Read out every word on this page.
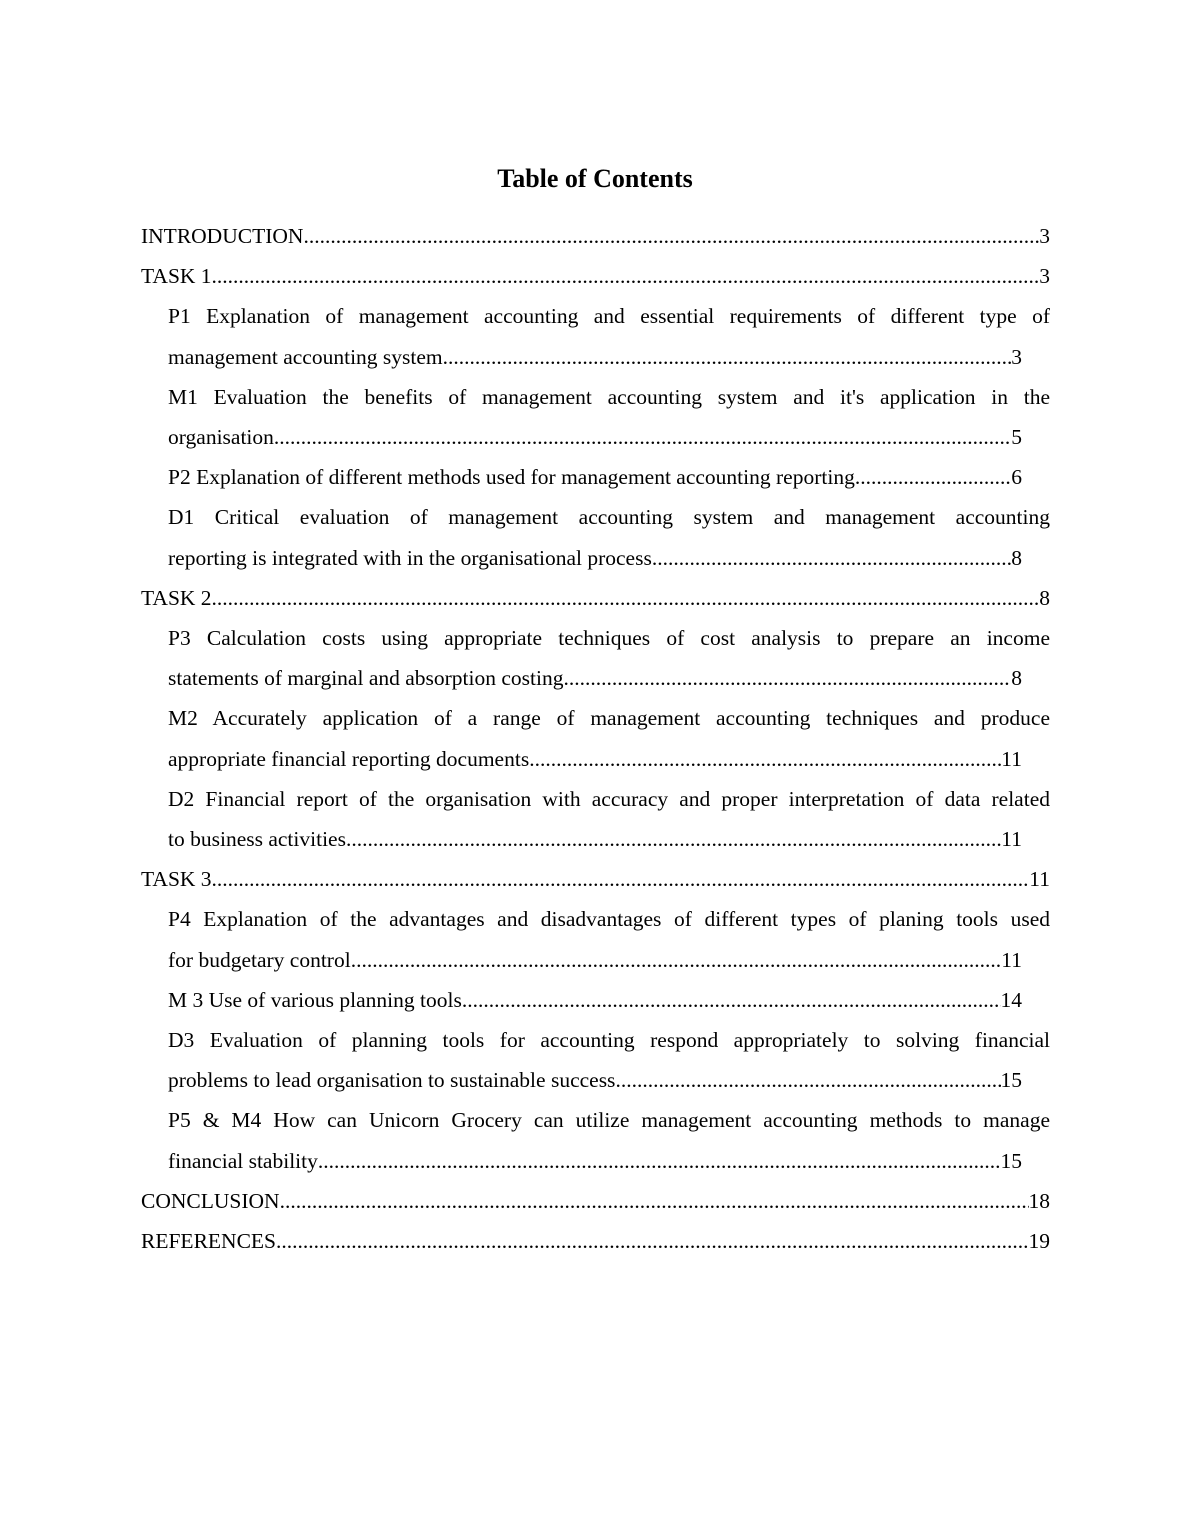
Table of Contents
INTRODUCTION .....	3
TASK 1 .....	3
P1 Explanation of management accounting and essential requirements of different type of
management accounting system .....	3
M1 Evaluation the benefits of management accounting system and it's application in the
organisation .....	5
P2 Explanation of different methods used for management accounting reporting .....	6
D1 Critical evaluation of management accounting system and management accounting
reporting is integrated with in the organisational process .....	8
TASK 2 .....	8
P3 Calculation costs using appropriate techniques of cost analysis to prepare an income
statements of marginal and absorption costing .....	8
M2 Accurately application of a range of management accounting techniques and produce
appropriate financial reporting documents .....	11
D2 Financial report of the organisation with accuracy and proper interpretation of data related
to business activities .....	11
TASK 3 .....	11
P4 Explanation of the advantages and disadvantages of different types of planing tools used
for budgetary control .....	11
M 3 Use of various planning tools .....	14
D3 Evaluation of planning tools for accounting respond appropriately to solving financial
problems to lead organisation to sustainable success .....	15
P5 & M4 How can Unicorn Grocery can utilize management accounting methods to manage
financial stability .....	15
CONCLUSION .....	18
REFERENCES .....	19
